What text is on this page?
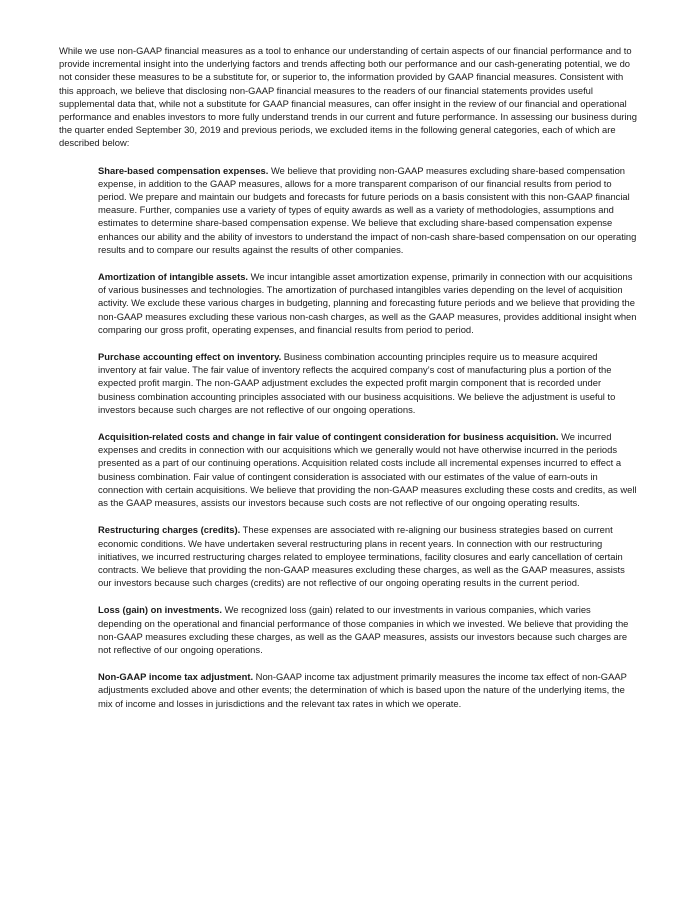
While we use non-GAAP financial measures as a tool to enhance our understanding of certain aspects of our financial performance and to provide incremental insight into the underlying factors and trends affecting both our performance and our cash-generating potential, we do not consider these measures to be a substitute for, or superior to, the information provided by GAAP financial measures. Consistent with this approach, we believe that disclosing non-GAAP financial measures to the readers of our financial statements provides useful supplemental data that, while not a substitute for GAAP financial measures, can offer insight in the review of our financial and operational performance and enables investors to more fully understand trends in our current and future performance. In assessing our business during the quarter ended September 30, 2019 and previous periods, we excluded items in the following general categories, each of which are described below:

Share-based compensation expenses. We believe that providing non-GAAP measures excluding share-based compensation expense, in addition to the GAAP measures, allows for a more transparent comparison of our financial results from period to period. We prepare and maintain our budgets and forecasts for future periods on a basis consistent with this non-GAAP financial measure. Further, companies use a variety of types of equity awards as well as a variety of methodologies, assumptions and estimates to determine share-based compensation expense. We believe that excluding share-based compensation expense enhances our ability and the ability of investors to understand the impact of non-cash share-based compensation on our operating results and to compare our results against the results of other companies.

Amortization of intangible assets. We incur intangible asset amortization expense, primarily in connection with our acquisitions of various businesses and technologies. The amortization of purchased intangibles varies depending on the level of acquisition activity. We exclude these various charges in budgeting, planning and forecasting future periods and we believe that providing the non-GAAP measures excluding these various non-cash charges, as well as the GAAP measures, provides additional insight when comparing our gross profit, operating expenses, and financial results from period to period.

Purchase accounting effect on inventory. Business combination accounting principles require us to measure acquired inventory at fair value. The fair value of inventory reflects the acquired company’s cost of manufacturing plus a portion of the expected profit margin. The non-GAAP adjustment excludes the expected profit margin component that is recorded under business combination accounting principles associated with our business acquisitions. We believe the adjustment is useful to investors because such charges are not reflective of our ongoing operations.

Acquisition-related costs and change in fair value of contingent consideration for business acquisition. We incurred expenses and credits in connection with our acquisitions which we generally would not have otherwise incurred in the periods presented as a part of our continuing operations. Acquisition related costs include all incremental expenses incurred to effect a business combination. Fair value of contingent consideration is associated with our estimates of the value of earn-outs in connection with certain acquisitions. We believe that providing the non-GAAP measures excluding these costs and credits, as well as the GAAP measures, assists our investors because such costs are not reflective of our ongoing operating results.

Restructuring charges (credits). These expenses are associated with re-aligning our business strategies based on current economic conditions. We have undertaken several restructuring plans in recent years. In connection with our restructuring initiatives, we incurred restructuring charges related to employee terminations, facility closures and early cancellation of certain contracts. We believe that providing the non-GAAP measures excluding these charges, as well as the GAAP measures, assists our investors because such charges (credits) are not reflective of our ongoing operating results in the current period.

Loss (gain) on investments. We recognized loss (gain) related to our investments in various companies, which varies depending on the operational and financial performance of those companies in which we invested. We believe that providing the non-GAAP measures excluding these charges, as well as the GAAP measures, assists our investors because such charges are not reflective of our ongoing operations.

Non-GAAP income tax adjustment. Non-GAAP income tax adjustment primarily measures the income tax effect of non-GAAP adjustments excluded above and other events; the determination of which is based upon the nature of the underlying items, the mix of income and losses in jurisdictions and the relevant tax rates in which we operate.
